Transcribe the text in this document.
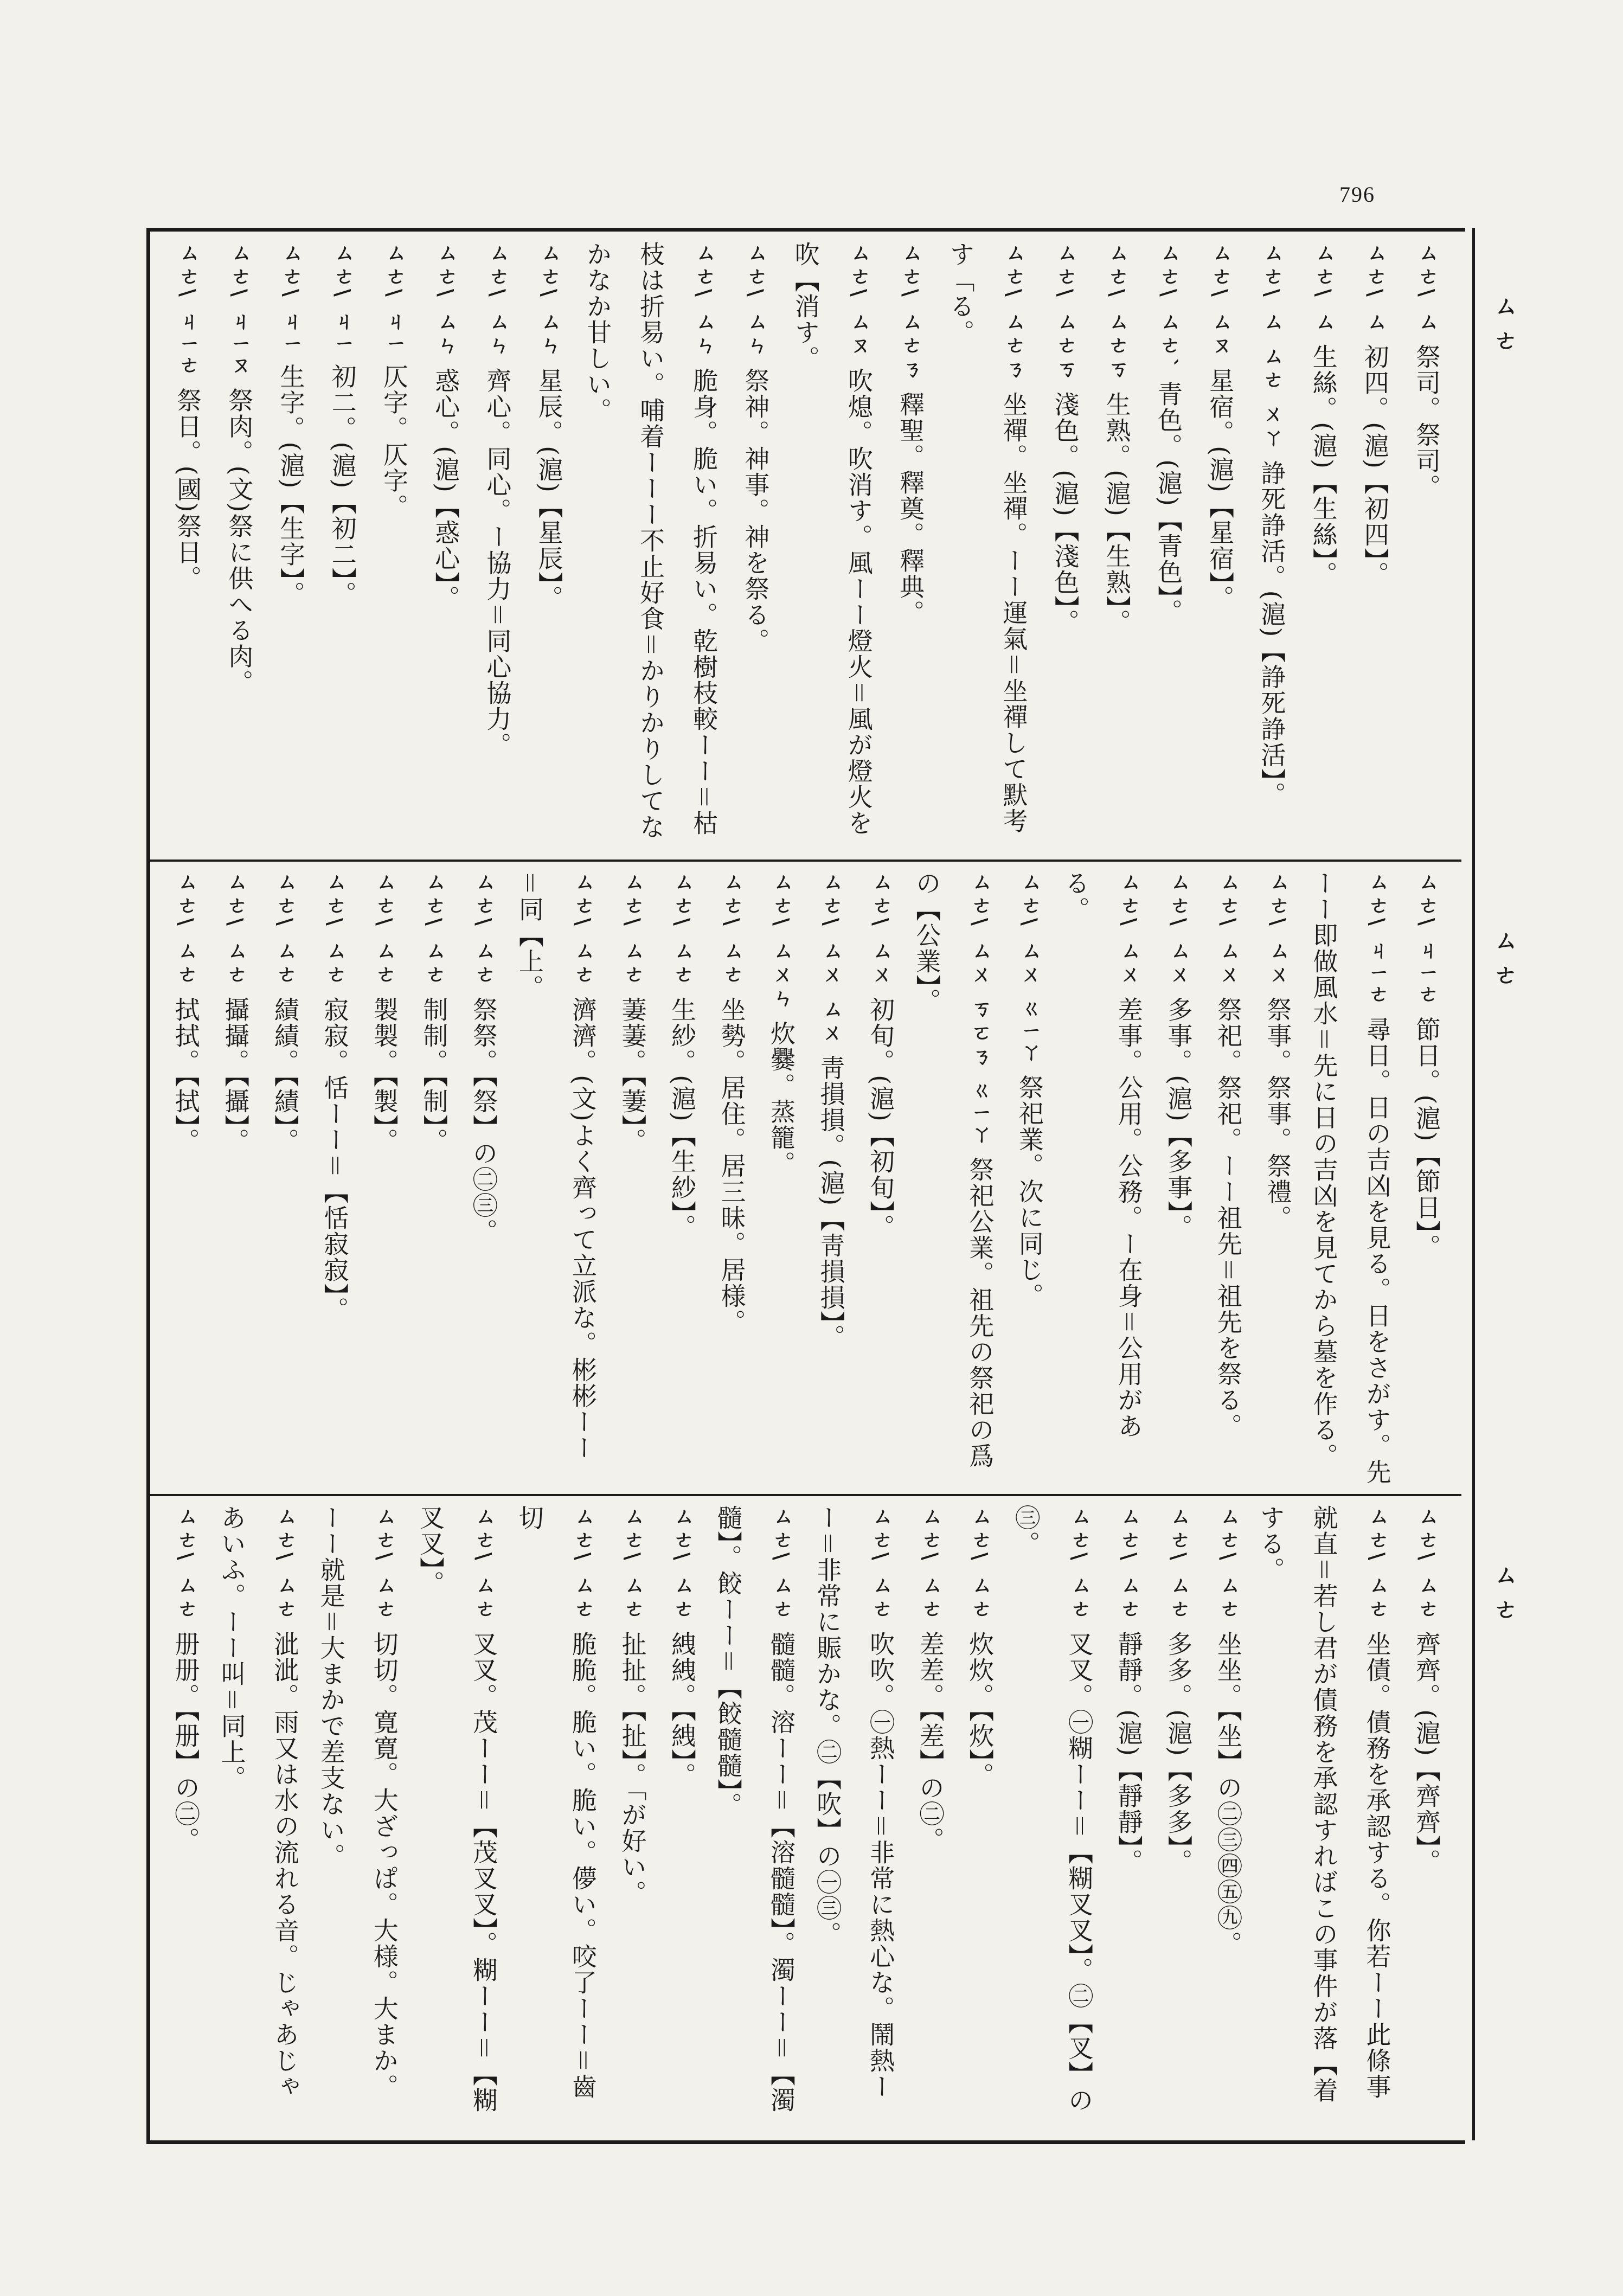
796
ㄙㄜ
ㄙㄜ
ㄙㄜ
ㄙㄜ\ ㄙ祭司。祭司。
ㄙㄜ\ ㄙ初四。(滬)【初四】。
ㄙㄜ\ ㄙ生絲。(滬)【生絲】。
ㄙㄜ\ ㄙ ㄙㄜ ㄨㄚ諍死諍活。(滬)【諍死諍活】。
ㄙㄜ\ ㄙㄡ星宿。(滬)【星宿】。
ㄙㄜ\ ㄙㄜˋ青色。(滬)【青色】。
ㄙㄜ\ ㄙㄜㄎ生熟。(滬)【生熟】。
ㄙㄜ\ ㄙㄜㄎ淺色。(滬)【淺色】。
ㄙㄜ\ ㄙㄜㄋ坐禪。坐禪。ーー運氣＝坐禪して默考す「る。
ㄙㄜ\ ㄙㄜㄋ釋聖。釋奠。釋典。
ㄙㄜ\ ㄙㄡ吹熄。吹消す。風ーー燈火＝風が燈火を吹【消す。
ㄙㄜ\ ㄙㄣ祭神。神事。神を祭る。
ㄙㄜ\ ㄙㄣ脆身。脆い。折易い。乾樹枝較ーー＝枯枝は折易い。哺着ーーー不止好食＝かりかりしてなかなか甘しい。
ㄙㄜ\ ㄙㄣ星辰。(滬)【星辰】。
ㄙㄜ\ ㄙㄣ齊心。同心。ー協力＝同心協力。
ㄙㄜ\ ㄙㄣ惑心。(滬)【惑心】。
ㄙㄜ\ ㄐㄧ仄字。仄字。
ㄙㄜ\ ㄐㄧ初二。(滬)【初二】。
ㄙㄜ\ ㄐㄧ生字。(滬)【生字】。
ㄙㄜ\ ㄐㄧㄡ祭肉。(文)祭に供へる肉。
ㄙㄜ\ ㄐㄧㄜ祭日。(國)祭日。
ㄙㄜ\ ㄐㄧㄜ節日。(滬)【節日】。
ㄙㄜ\ ㄐㄧㄜ尋日。日の吉凶を見る。日をさがす。先ーー即做風水＝先に日の吉凶を見てから墓を作る。
ㄙㄜ\ ㄙㄨ祭事。祭事。祭禮。
ㄙㄜ\ ㄙㄨ祭祀。祭祀。ーー祖先＝祖先を祭る。
ㄙㄜ\ ㄙㄨ多事。(滬)【多事】。
ㄙㄜ\ ㄙㄨ差事。公用。公務。ー在身＝公用がある。
ㄙㄜ\ ㄙㄨ ㄍㄧㄚ祭祀業。次に同じ。
ㄙㄜ\ ㄙㄨ ㄎㄛㄋ ㄍㄧㄚ祭祀公業。祖先の祭祀の爲の【公業】。
ㄙㄜ\ ㄙㄨ初旬。(滬)【初旬】。
ㄙㄜ\ ㄙㄨ ㄙㄨ靑損損。(滬)【靑損損】。
ㄙㄜ\ ㄙㄨㄣ炊爨。蒸籠。
ㄙㄜ\ ㄙㄜ坐勢。居住。居三昧。居様。
ㄙㄜ\ ㄙㄜ生紗。(滬)【生紗】。
ㄙㄜ\ ㄙㄜ萋萋。【萋】。
ㄙㄜ\ ㄙㄜ濟濟。(文)よく齊って立派な。彬彬ーー＝同【上。
ㄙㄜ\ ㄙㄜ祭祭。【祭】の㊁㊂。
ㄙㄜ\ ㄙㄜ制制。【制】。
ㄙㄜ\ ㄙㄜ製製。【製】。
ㄙㄜ\ ㄙㄜ寂寂。恬ーー＝【恬寂寂】。
ㄙㄜ\ ㄙㄜ績績。【績】。
ㄙㄜ\ ㄙㄜ攝攝。【攝】。
ㄙㄜ\ ㄙㄜ拭拭。【拭】。
ㄙㄜ\ ㄙㄜ齊齊。(滬)【齊齊】。
ㄙㄜ\ ㄙㄜ坐債。債務を承認する。你若ーー此條事就直＝若し君が債務を承認すればこの事件が落【着する。
ㄙㄜ\ ㄙㄜ坐坐。【坐】の㊁㊂㊃㊄㊈。
ㄙㄜ\ ㄙㄜ多多。(滬)【多多】。
ㄙㄜ\ ㄙㄜ靜靜。(滬)【靜靜】。
ㄙㄜ\ ㄙㄜ叉叉。㊀糊ーー＝【糊叉叉】。㊁【叉】の㊂。
ㄙㄜ\ ㄙㄜ炊炊。【炊】。
ㄙㄜ\ ㄙㄜ差差。【差】の㊁。
ㄙㄜ\ ㄙㄜ吹吹。㊀熱ーー＝非常に熱心な。鬧熱ーー＝非常に賑かな。㊁【吹】の㊀㊂。
ㄙㄜ\ ㄙㄜ髓髓。溶ーー＝【溶髓髓】。濁ーー＝【濁髓】。餃ーー＝【餃髓髓】。
ㄙㄜ\ ㄙㄜ絏絏。【絏】。
ㄙㄜ\ ㄙㄜ扯扯。【扯】。「が好い。
ㄙㄜ\ ㄙㄜ脆脆。脆い。脆い。儚い。咬了ーー＝齒切
ㄙㄜ\ ㄙㄜ叉叉。茂ーー＝【茂叉叉】。糊ーー＝【糊叉叉】。
ㄙㄜ\ ㄙㄜ切切。寛寛。大ざっぱ。大様。大まか。ーー就是＝大まかで差支ない。
ㄙㄜ\ ㄙㄜ泚泚。雨又は水の流れる音。じゃあじゃあいふ。ーー叫＝同上。
ㄙㄜ\ ㄙㄜ册册。【册】の㊁。
